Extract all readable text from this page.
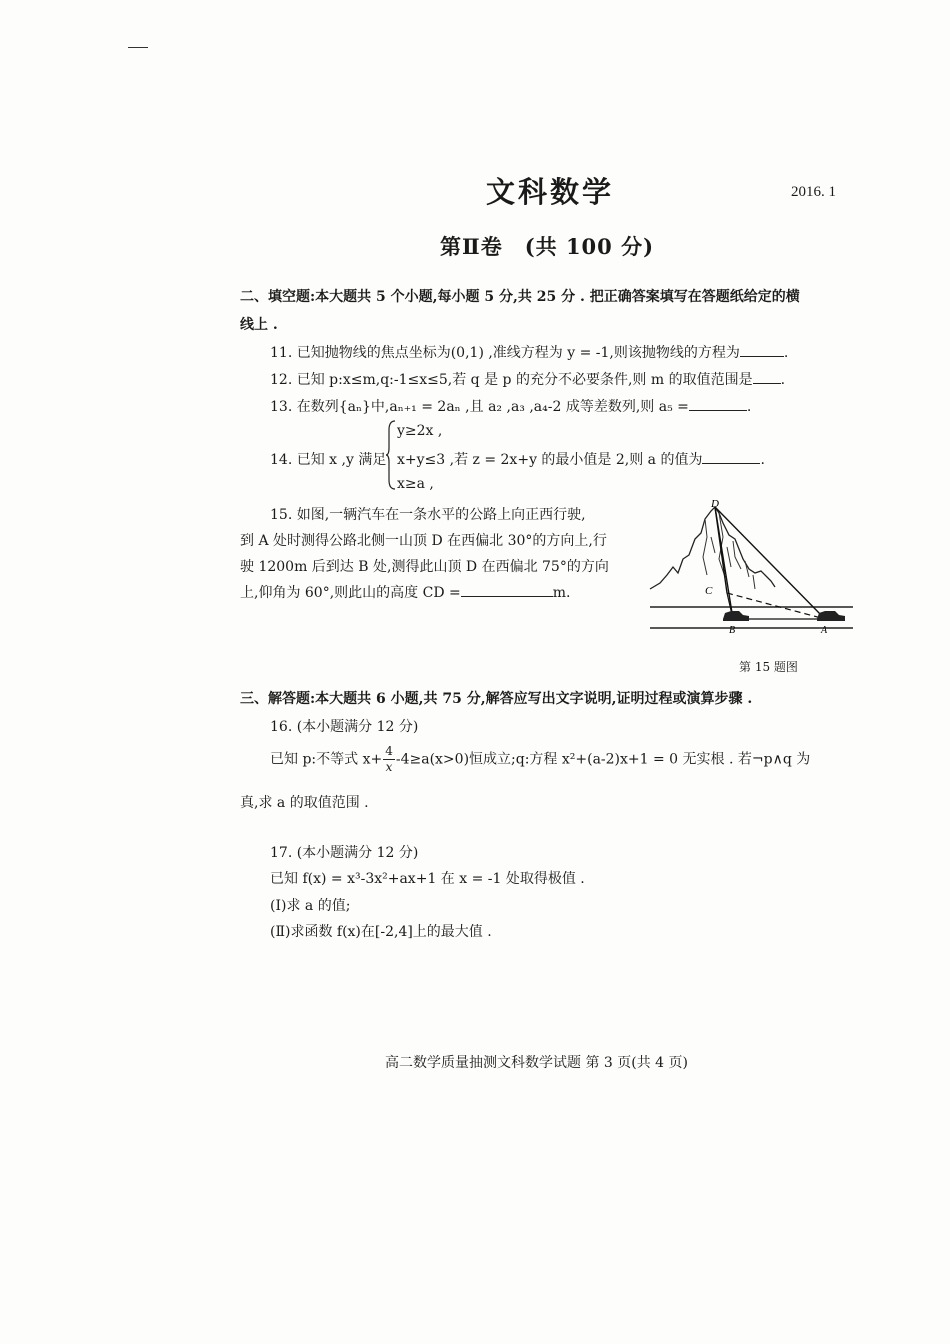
文科数学	2016. 1
第Ⅱ卷　(共 100 分)
二、填空题:本大题共 5 个小题,每小题 5 分,共 25 分 . 把正确答案填写在答题纸给定的横
线上 .
11. 已知抛物线的焦点坐标为(0,1) ,准线方程为 y = -1,则该抛物线的方程为	.
12. 已知 p:x≤m,q:-1≤x≤5,若 q 是 p 的充分不必要条件,则 m 的取值范围是 .
13. 在数列{aₙ}中,aₙ₊₁ = 2aₙ ,且 a₂ ,a₃ ,a₄-2 成等差数列,则 a₅ =	.
y≥2x ,
14. 已知 x ,y 满足 x+y≤3 ,若 z = 2x+y 的最小值是 2,则 a 的值为	.
x≥a ,
15. 如图,一辆汽车在一条水平的公路上向正西行驶,
到 A 处时测得公路北侧一山顶 D 在西偏北 30°的方向上,行
驶 1200m 后到达 B 处,测得此山顶 D 在西偏北 75°的方向
上,仰角为 60°,则此山的高度 CD =	m.
D
C
B	A
第 15 题图
三、解答题:本大题共 6 小题,共 75 分,解答应写出文字说明,证明过程或演算步骤 .
16. (本小题满分 12 分)
已知 p:不等式 $x+ \frac{4}{x} -4\ge a(x>0)$恒成立;q:方程 x²+(a-2)x+1 = 0 无实根 . 若¬p∧q 为
真,求 a 的取值范围 .
17. (本小题满分 12 分)
已知 f(x) = x³-3x²+ax+1 在 x = -1 处取得极值 .
(Ⅰ)求 a 的值;
(Ⅱ)求函数 f(x)在[-2,4]上的最大值 .
高二数学质量抽测文科数学试题 第 3 页(共 4 页)
